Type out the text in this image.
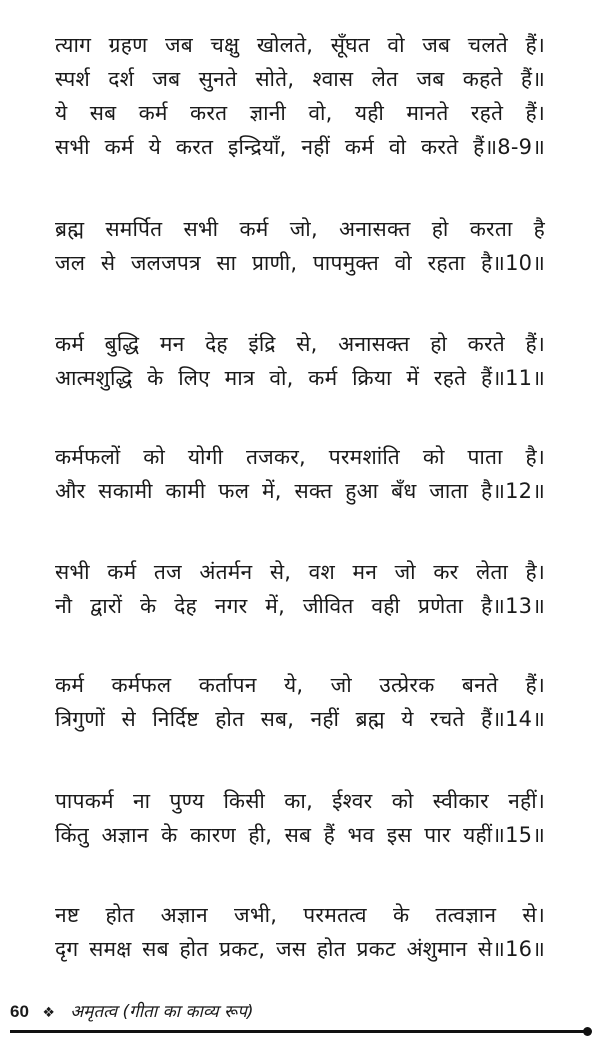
त्याग ग्रहण जब चक्षु खोलते, सूँघत वो जब चलते हैं।
स्पर्श दर्श जब सुनते सोते, श्वास लेत जब कहते हैं॥
ये सब कर्म करत ज्ञानी वो, यही मानते रहते हैं।
सभी कर्म ये करत इन्द्रियाँ, नहीं कर्म वो करते हैं॥8-9॥
ब्रह्म समर्पित सभी कर्म जो, अनासक्त हो करता है
जल से जलजपत्र सा प्राणी, पापमुक्त वो रहता है॥10॥
कर्म बुद्धि मन देह इंद्रि से, अनासक्त हो करते हैं।
आत्मशुद्धि के लिए मात्र वो, कर्म क्रिया में रहते हैं॥11॥
कर्मफलों को योगी तजकर, परमशांति को पाता है।
और सकामी कामी फल में, सक्त हुआ बँध जाता है॥12॥
सभी कर्म तज अंतर्मन से, वश मन जो कर लेता है।
नौ द्वारों के देह नगर में, जीवित वही प्रणेता है॥13॥
कर्म कर्मफल कर्तापन ये, जो उत्प्रेरक बनते हैं।
त्रिगुणों से निर्दिष्ट होत सब, नहीं ब्रह्म ये रचते हैं॥14॥
पापकर्म ना पुण्य किसी का, ईश्वर को स्वीकार नहीं।
किंतु अज्ञान के कारण ही, सब हैं भव इस पार यहीं॥15॥
नष्ट होत अज्ञान जभी, परमतत्व के तत्वज्ञान से।
दृग समक्ष सब होत प्रकट, जस होत प्रकट अंशुमान से॥16॥
60 ❖ अमृतत्व (गीता का काव्य रूप)
